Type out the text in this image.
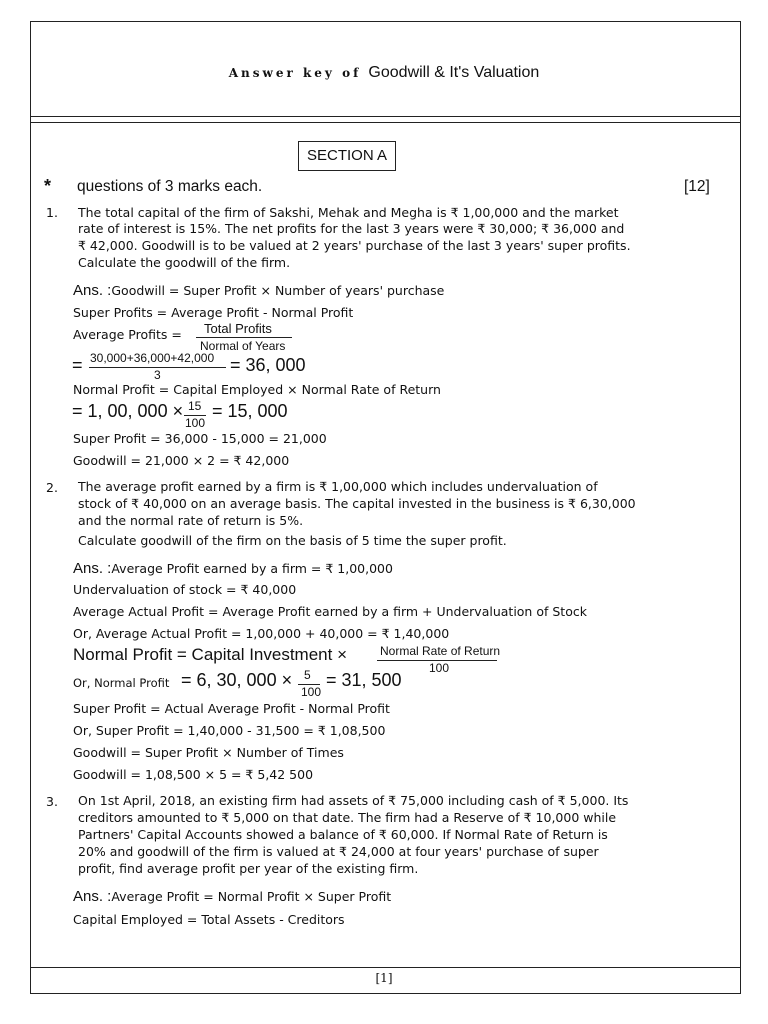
Answer key of Goodwill & It's Valuation
SECTION A
* questions of 3 marks each.	[12]
1. The total capital of the firm of Sakshi, Mehak and Megha is ₹ 1,00,000 and the market
rate of interest is 15%. The net profits for the last 3 years were ₹ 30,000; ₹ 36,000 and
₹ 42,000. Goodwill is to be valued at 2 years' purchase of the last 3 years' super profits.
Calculate the goodwill of the firm.
Ans. :Goodwill = Super Profit × Number of years' purchase
Super Profits = Average Profit - Normal Profit
Average Profits = Total Profits
Normal of Years
= 30,000+36,000+42,000
3	= 36, 000
Normal Profit = Capital Employed × Normal Rate of Return
= 1, 00, 000 × 15
100
= 15, 000
Super Profit = 36,000 - 15,000 = 21,000
Goodwill = 21,000 × 2 = ₹ 42,000
2. The average profit earned by a firm is ₹ 1,00,000 which includes undervaluation of
stock of ₹ 40,000 on an average basis. The capital invested in the business is ₹ 6,30,000
and the normal rate of return is 5%.
Calculate goodwill of the firm on the basis of 5 time the super profit.
Ans. :Average Profit earned by a firm = ₹ 1,00,000
Undervaluation of stock = ₹ 40,000
Average Actual Profit = Average Profit earned by a firm + Undervaluation of Stock
Or, Average Actual Profit = 1,00,000 + 40,000 = ₹ 1,40,000
Normal Profit = Capital Investment ×	Normal Rate of Return
100
Or, Normal Profit = 6, 30, 000 × 5
100
= 31, 500
Super Profit = Actual Average Profit - Normal Profit
Or, Super Profit = 1,40,000 - 31,500 = ₹ 1,08,500
Goodwill = Super Profit × Number of Times
Goodwill = 1,08,500 × 5 = ₹ 5,42 500
3. On 1st April, 2018, an existing firm had assets of ₹ 75,000 including cash of ₹ 5,000. Its
creditors amounted to ₹ 5,000 on that date. The firm had a Reserve of ₹ 10,000 while
Partners' Capital Accounts showed a balance of ₹ 60,000. If Normal Rate of Return is
20% and goodwill of the firm is valued at ₹ 24,000 at four years' purchase of super
profit, find average profit per year of the existing firm.
Ans. :Average Profit = Normal Profit × Super Profit
Capital Employed = Total Assets - Creditors
[1]
